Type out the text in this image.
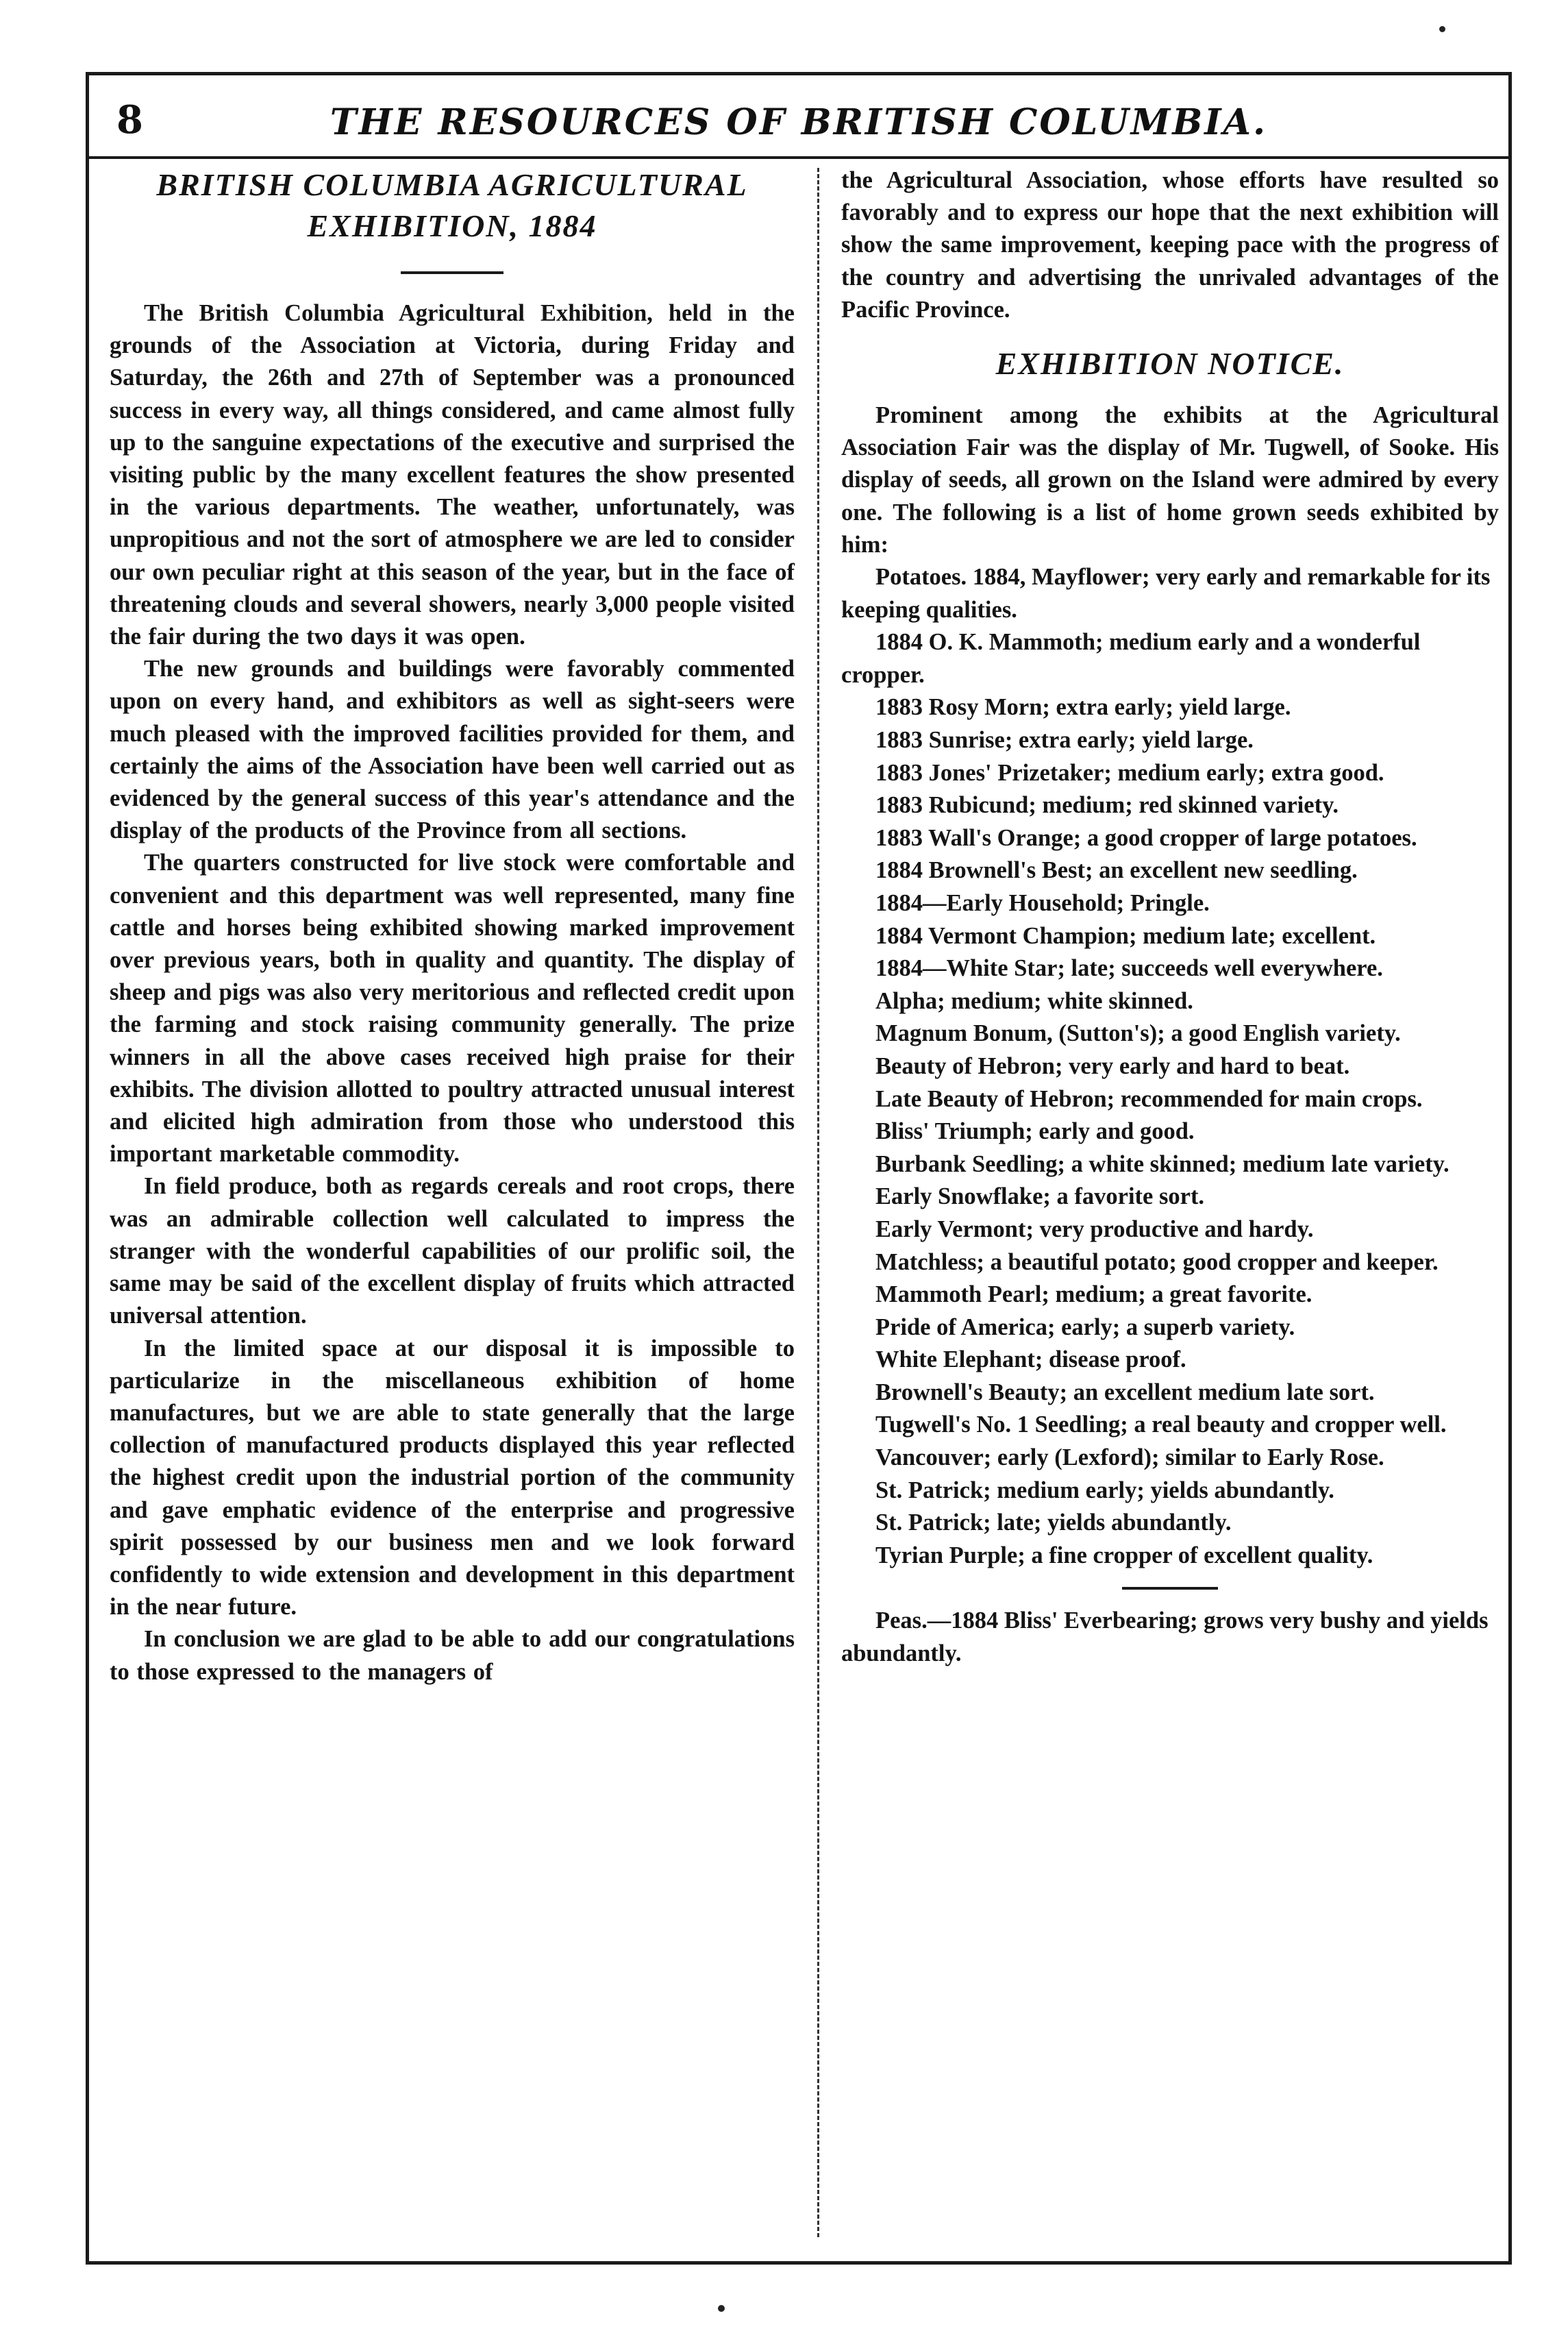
8	THE RESOURCES OF BRITISH COLUMBIA.
BRITISH COLUMBIA AGRICULTURAL
EXHIBITION, 1884

The British Columbia Agricultural Exhibition, held in the grounds of the Association at Victoria, during Friday and Saturday, the 26th and 27th of September was a pronounced success in every way, all things considered, and came almost fully up to the sanguine expectations of the executive and surprised the visiting public by the many excellent features the show presented in the various departments. The weather, unfortunately, was unpropitious and not the sort of atmosphere we are led to consider our own peculiar right at this season of the year, but in the face of threatening clouds and several showers, nearly 3,000 people visited the fair during the two days it was open.

The new grounds and buildings were favorably commented upon on every hand, and exhibitors as well as sight-seers were much pleased with the improved facilities provided for them, and certainly the aims of the Association have been well carried out as evidenced by the general success of this year's attendance and the display of the products of the Province from all sections.

The quarters constructed for live stock were comfortable and convenient and this department was well represented, many fine cattle and horses being exhibited showing marked improvement over previous years, both in quality and quantity. The display of sheep and pigs was also very meritorious and reflected credit upon the farming and stock raising community generally. The prize winners in all the above cases received high praise for their exhibits. The division allotted to poultry attracted unusual interest and elicited high admiration from those who understood this important marketable commodity.

In field produce, both as regards cereals and root crops, there was an admirable collection well calculated to impress the stranger with the wonderful capabilities of our prolific soil, the same may be said of the excellent display of fruits which attracted universal attention.

In the limited space at our disposal it is impossible to particularize in the miscellaneous exhibition of home manufactures, but we are able to state generally that the large collection of manufactured products displayed this year reflected the highest credit upon the industrial portion of the community and gave emphatic evidence of the enterprise and progressive spirit possessed by our business men and we look forward confidently to wide extension and development in this department in the near future.

In conclusion we are glad to be able to add our congratulations to those expressed to the managers of

the Agricultural Association, whose efforts have resulted so favorably and to express our hope that the next exhibition will show the same improvement, keeping pace with the progress of the country and advertising the unrivaled advantages of the Pacific Province.

EXHIBITION NOTICE.

Prominent among the exhibits at the Agricultural Association Fair was the display of Mr. Tugwell, of Sooke. His display of seeds, all grown on the Island were admired by every one. The following is a list of home grown seeds exhibited by him:

Potatoes. 1884, Mayflower; very early and remarkable for its keeping qualities.

1884 O. K. Mammoth; medium early and a wonderful cropper.

1883 Rosy Morn; extra early; yield large.

1883 Sunrise; extra early; yield large.

1883 Jones' Prizetaker; medium early; extra good.

1883 Rubicund; medium; red skinned variety.

1883 Wall's Orange; a good cropper of large potatoes.

1884 Brownell's Best; an excellent new seedling.

1884—Early Household; Pringle.

1884 Vermont Champion; medium late; excellent.

1884—White Star; late; succeeds well everywhere.

Alpha; medium; white skinned.

Magnum Bonum, (Sutton's); a good English variety.

Beauty of Hebron; very early and hard to beat.

Late Beauty of Hebron; recommended for main crops.

Bliss' Triumph; early and good.

Burbank Seedling; a white skinned; medium late variety.

Early Snowflake; a favorite sort.

Early Vermont; very productive and hardy.

Matchless; a beautiful potato; good cropper and keeper.

Mammoth Pearl; medium; a great favorite.

Pride of America; early; a superb variety.

White Elephant; disease proof.

Brownell's Beauty; an excellent medium late sort.

Tugwell's No. 1 Seedling; a real beauty and cropper well.

Vancouver; early (Lexford); similar to Early Rose.

St. Patrick; medium early; yields abundantly.

St. Patrick; late; yields abundantly.

Tyrian Purple; a fine cropper of excellent quality.

Peas.—1884 Bliss' Everbearing; grows very bushy and yields abundantly.
